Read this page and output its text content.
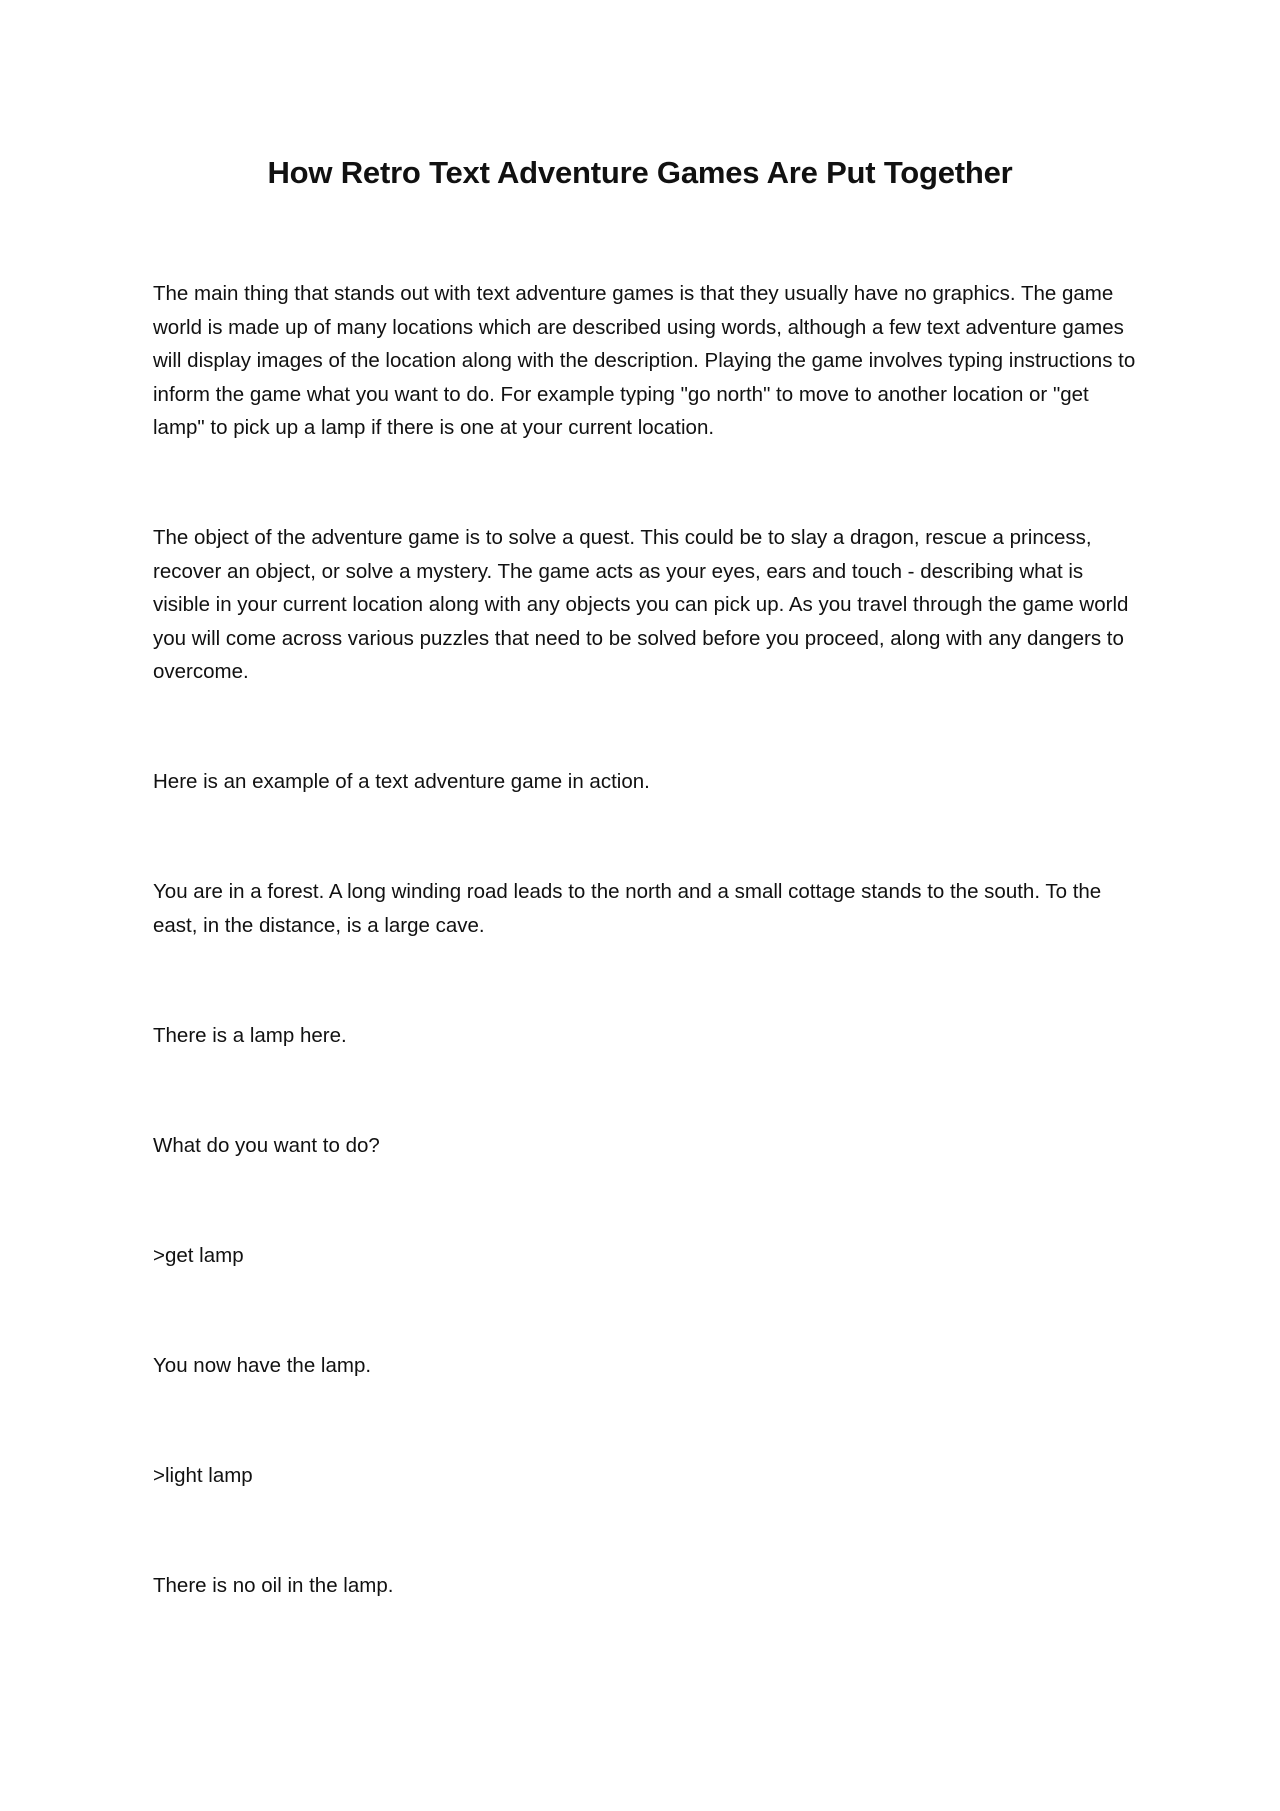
How Retro Text Adventure Games Are Put Together

The main thing that stands out with text adventure games is that they usually have no graphics. The game world is made up of many locations which are described using words, although a few text adventure games will display images of the location along with the description. Playing the game involves typing instructions to inform the game what you want to do. For example typing "go north" to move to another location or "get lamp" to pick up a lamp if there is one at your current location.

The object of the adventure game is to solve a quest. This could be to slay a dragon, rescue a princess, recover an object, or solve a mystery. The game acts as your eyes, ears and touch - describing what is visible in your current location along with any objects you can pick up. As you travel through the game world you will come across various puzzles that need to be solved before you proceed, along with any dangers to overcome.

Here is an example of a text adventure game in action.

You are in a forest. A long winding road leads to the north and a small cottage stands to the south. To the east, in the distance, is a large cave.

There is a lamp here.

What do you want to do?

>get lamp

You now have the lamp.

>light lamp

There is no oil in the lamp.
